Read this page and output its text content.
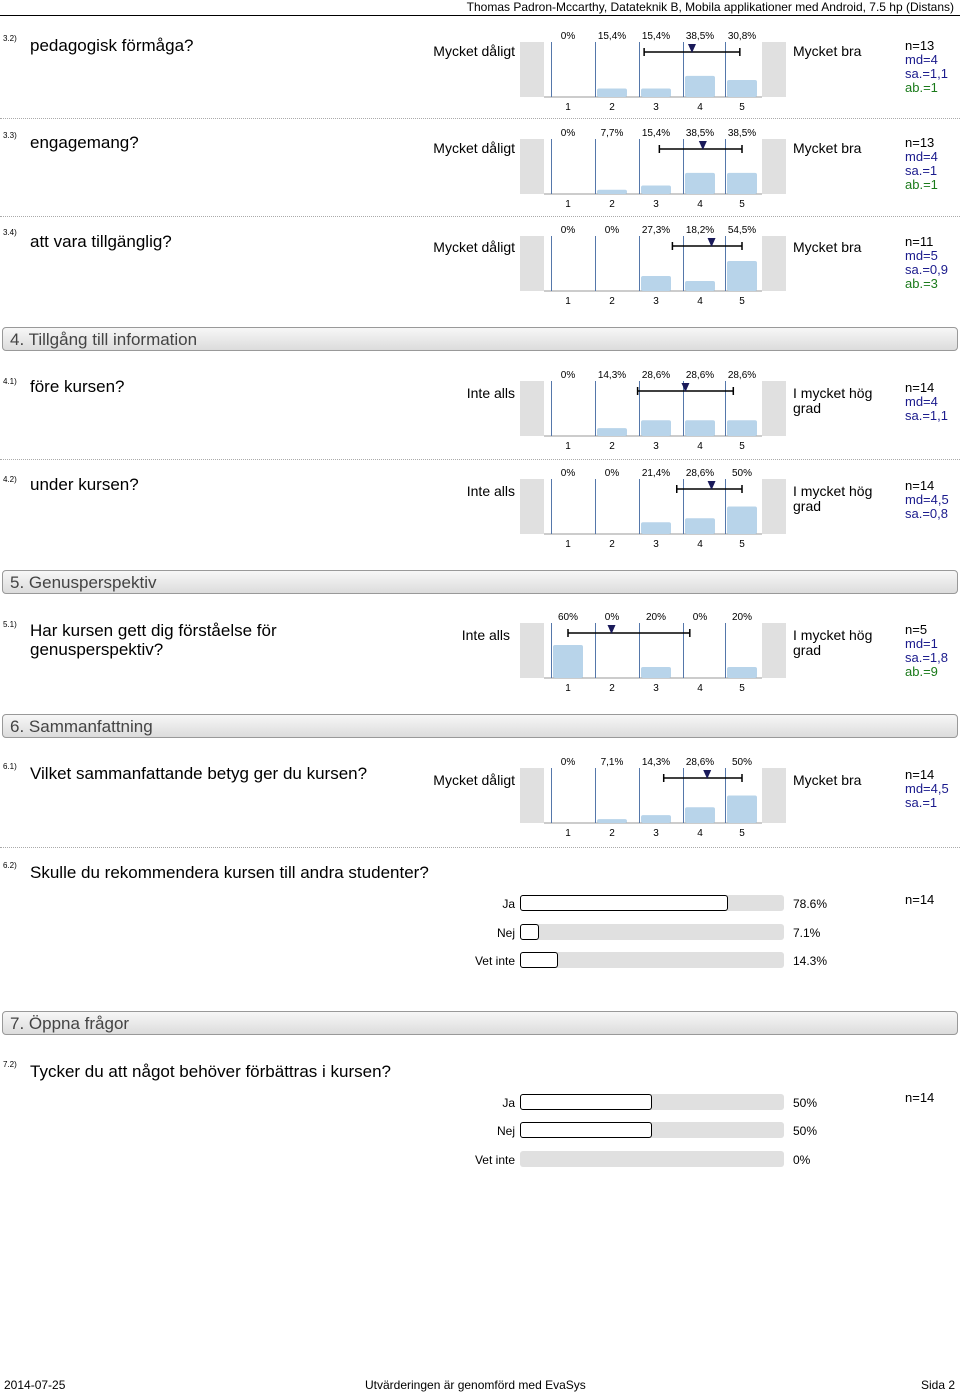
Thomas Padron-Mccarthy, Datateknik B, Mobila applikationer med Android, 7.5 hp (Distans)
3.2) pedagogisk förmåga?	Mycket dåligt
0%
1
15,4%
2
15,4%
3
38,5%
4
30,8%
5
Mycket bra	n=13
md=4
sa.=1,1
ab.=1
3.3) engagemang?	Mycket dåligt
0%
1
7,7%
2
15,4%
3
38,5%
4
38,5%
5
Mycket bra	n=13
md=4
sa.=1
ab.=1
3.4) att vara tillgänglig?	Mycket dåligt
0%
1
0%
2
27,3%
3
18,2%
4
54,5%
5
Mycket bra	n=11
md=5
sa.=0,9
ab.=3
4. Tillgång till information
4.1) före kursen?	Inte alls
0%
1
14,3%
2
28,6%
3
28,6%
4
28,6%
5
I mycket hög grad
n=14
md=4
sa.=1,1
4.2) under kursen?	Inte alls
0%
1
0%
2
21,4%
3
28,6%
4
50%
5
I mycket hög grad
n=14
md=4,5
sa.=0,8
5. Genusperspektiv
5.1) Har kursen gett dig förståelse för genusperspektiv?
Inte alls
60%
1
0%
2
20%
3
0%
4
20%
5
I mycket hög grad
n=5
md=1
sa.=1,8
ab.=9
6. Sammanfattning
6.1) Vilket sammanfattande betyg ger du kursen?	Mycket dåligt
0%
1
7,1%
2
14,3%
3
28,6%
4
50%
5
Mycket bra	n=14
md=4,5
sa.=1
6.2) Skulle du rekommendera kursen till andra studenter?
n=14
Ja	78.6%
Nej	7.1%
Vet inte	14.3%
7. Öppna frågor
7.2) Tycker du att något behöver förbättras i kursen?
n=14
Ja	50%
Nej	50%
Vet inte	0%
2014-07-25	Utvärderingen är genomförd med EvaSys	Sida 2
